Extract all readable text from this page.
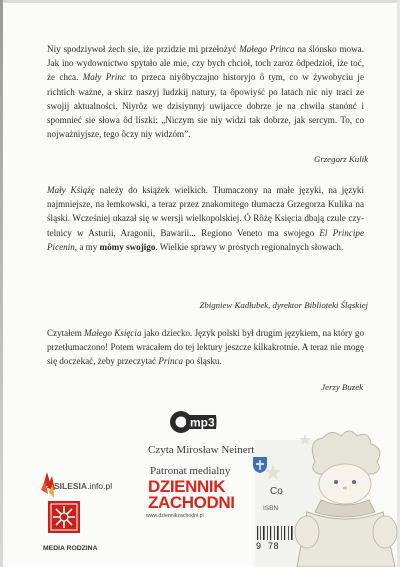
Niy spodziywoł żech sie, iże przidzie mi przełożyć Małego Princa na ślónsko mowa. Jak ino wydownictwo spytało ale mie, czy bych chcioł, toch zaroz ôdpedzioł, iże toć, że chca. Mały Princ to przeca niyôbyczajno historyjo ô tym, co w żywobyciu je richtich ważne, a skirz naszyj ludzkij natury, ta ôpowiyść po latach nic niy traci ze swojij aktualności. Niyrôz we dzisiynnyj uwijacce dobrze je na chwila stanónć i spomnieć sie słowa ôd liszki: „Niczym sie niy widzi tak dobrze, jak sercym. To, co nojważniyjsze, tego ôczy niy widzóm”.

Grzegorz Kulik

Mały Kśiążę należy do książek wielkich. Tłumaczony na małe języki, na języki najmniejsze, na łemkowski, a teraz przez znakomitego tłumacza Grzegorza Kulika na śląski. Wcześniej ukazał się w wersji wielkopolskiej. Ó Rôżę Księcia dbają czule czytelnicy w Asturii, Aragonii, Bawarii... Regiono Veneto ma swojego El Principe Picenin, a my mômy swojigo. Wielkie sprawy w prostych regionalnych słowach.

Zbigniew Kadłubek, dyrektor Biblioteki Śląskiej

Czytałem Małego Księcia jako dziecko. Język polski był drugim językiem, na który go przetłumaczono! Potem wracałem do tej lektury jeszcze kilkakrotnie. A teraz nie mogę się doczekać, żeby przeczytać Princa po śląsku.

Jerzy Buzek
mp3
Czyta Mirosław Neinert
Patronat medialny
DZIENNIK
ZACHODNI
www.dziennikzachodni.pl
SILESIA.info.pl
MEDIA RODZINA
Co
ISBN
9 78
